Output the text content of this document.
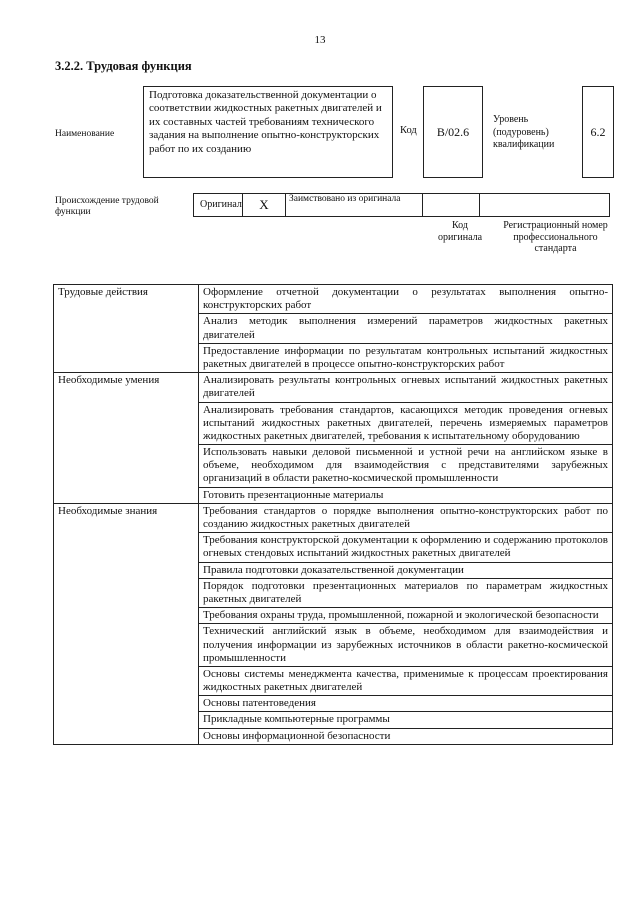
13
3.2.2. Трудовая функция
Наименование
Подготовка доказательственной документации о соответствии жидкостных ракетных двигателей и их составных частей требованиям технического задания на выполнение опытно-конструкторских работ по их созданию
Код	B/02.6
Уровень (подуровень) квалификации
6.2
Происхождение трудовой функции
Оригинал	X	Заимствовано из оригинала
Код оригинала
Регистрационный номер профессионального стандарта
Трудовые действия	Оформление отчетной документации о результатах выполнения опытно-конструкторских работ
	Анализ методик выполнения измерений параметров жидкостных ракетных двигателей
	Предоставление информации по результатам контрольных испытаний жидкостных ракетных двигателей в процессе опытно-конструкторских работ
Необходимые умения	Анализировать результаты контрольных огневых испытаний жидкостных ракетных двигателей
	Анализировать требования стандартов, касающихся методик проведения огневых испытаний жидкостных ракетных двигателей, перечень измеряемых параметров жидкостных ракетных двигателей, требования к испытательному оборудованию
	Использовать навыки деловой письменной и устной речи на английском языке в объеме, необходимом для взаимодействия с представителями зарубежных организаций в области ракетно-космической промышленности
	Готовить презентационные материалы
Необходимые знания	Требования стандартов о порядке выполнения опытно-конструкторских работ по созданию жидкостных ракетных двигателей
	Требования конструкторской документации к оформлению и содержанию протоколов огневых стендовых испытаний жидкостных ракетных двигателей
	Правила подготовки доказательственной документации
	Порядок подготовки презентационных материалов по параметрам жидкостных ракетных двигателей
	Требования охраны труда, промышленной, пожарной и экологической безопасности
	Технический английский язык в объеме, необходимом для взаимодействия и получения информации из зарубежных источников в области ракетно-космической промышленности
	Основы системы менеджмента качества, применимые к процессам проектирования жидкостных ракетных двигателей
	Основы патентоведения
	Прикладные компьютерные программы
	Основы информационной безопасности
